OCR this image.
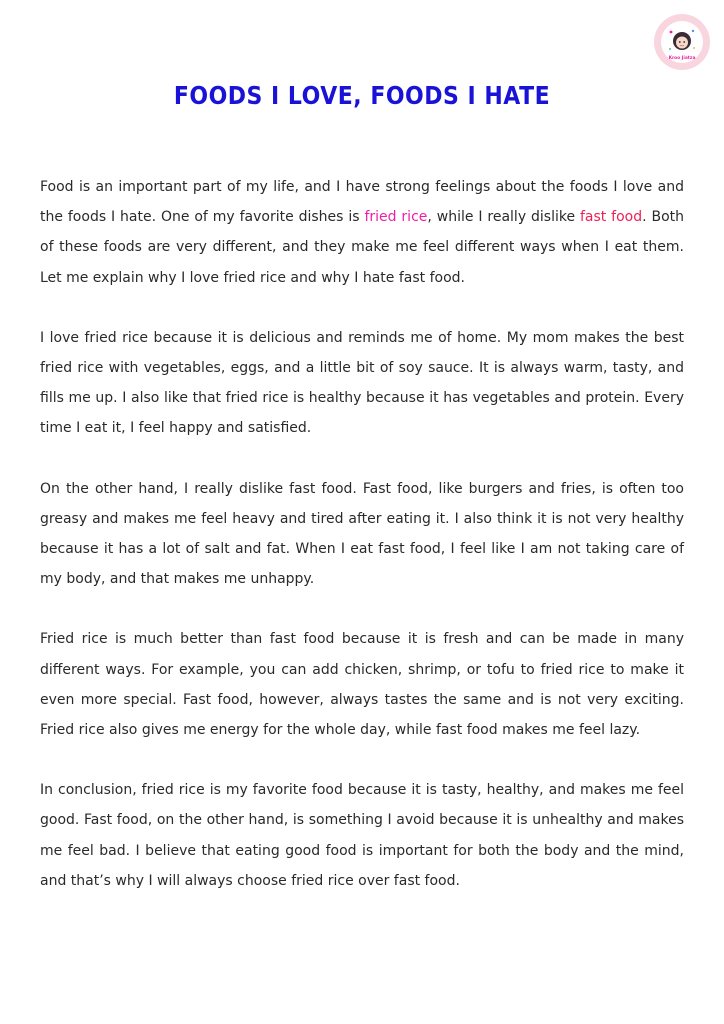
Kroo Jiatza
FOODS I LOVE, FOODS I HATE

Food is an important part of my life, and I have strong feelings about the foods I love and the foods I hate. One of my favorite dishes is fried rice, while I really dislike fast food. Both of these foods are very different, and they make me feel different ways when I eat them. Let me explain why I love fried rice and why I hate fast food.

I love fried rice because it is delicious and reminds me of home. My mom makes the best fried rice with vegetables, eggs, and a little bit of soy sauce. It is always warm, tasty, and fills me up. I also like that fried rice is healthy because it has vegetables and protein. Every time I eat it, I feel happy and satisfied.

On the other hand, I really dislike fast food. Fast food, like burgers and fries, is often too greasy and makes me feel heavy and tired after eating it. I also think it is not very healthy because it has a lot of salt and fat. When I eat fast food, I feel like I am not taking care of my body, and that makes me unhappy.

Fried rice is much better than fast food because it is fresh and can be made in many different ways. For example, you can add chicken, shrimp, or tofu to fried rice to make it even more special. Fast food, however, always tastes the same and is not very exciting. Fried rice also gives me energy for the whole day, while fast food makes me feel lazy.

In conclusion, fried rice is my favorite food because it is tasty, healthy, and makes me feel good. Fast food, on the other hand, is something I avoid because it is unhealthy and makes me feel bad. I believe that eating good food is important for both the body and the mind, and that’s why I will always choose fried rice over fast food.
